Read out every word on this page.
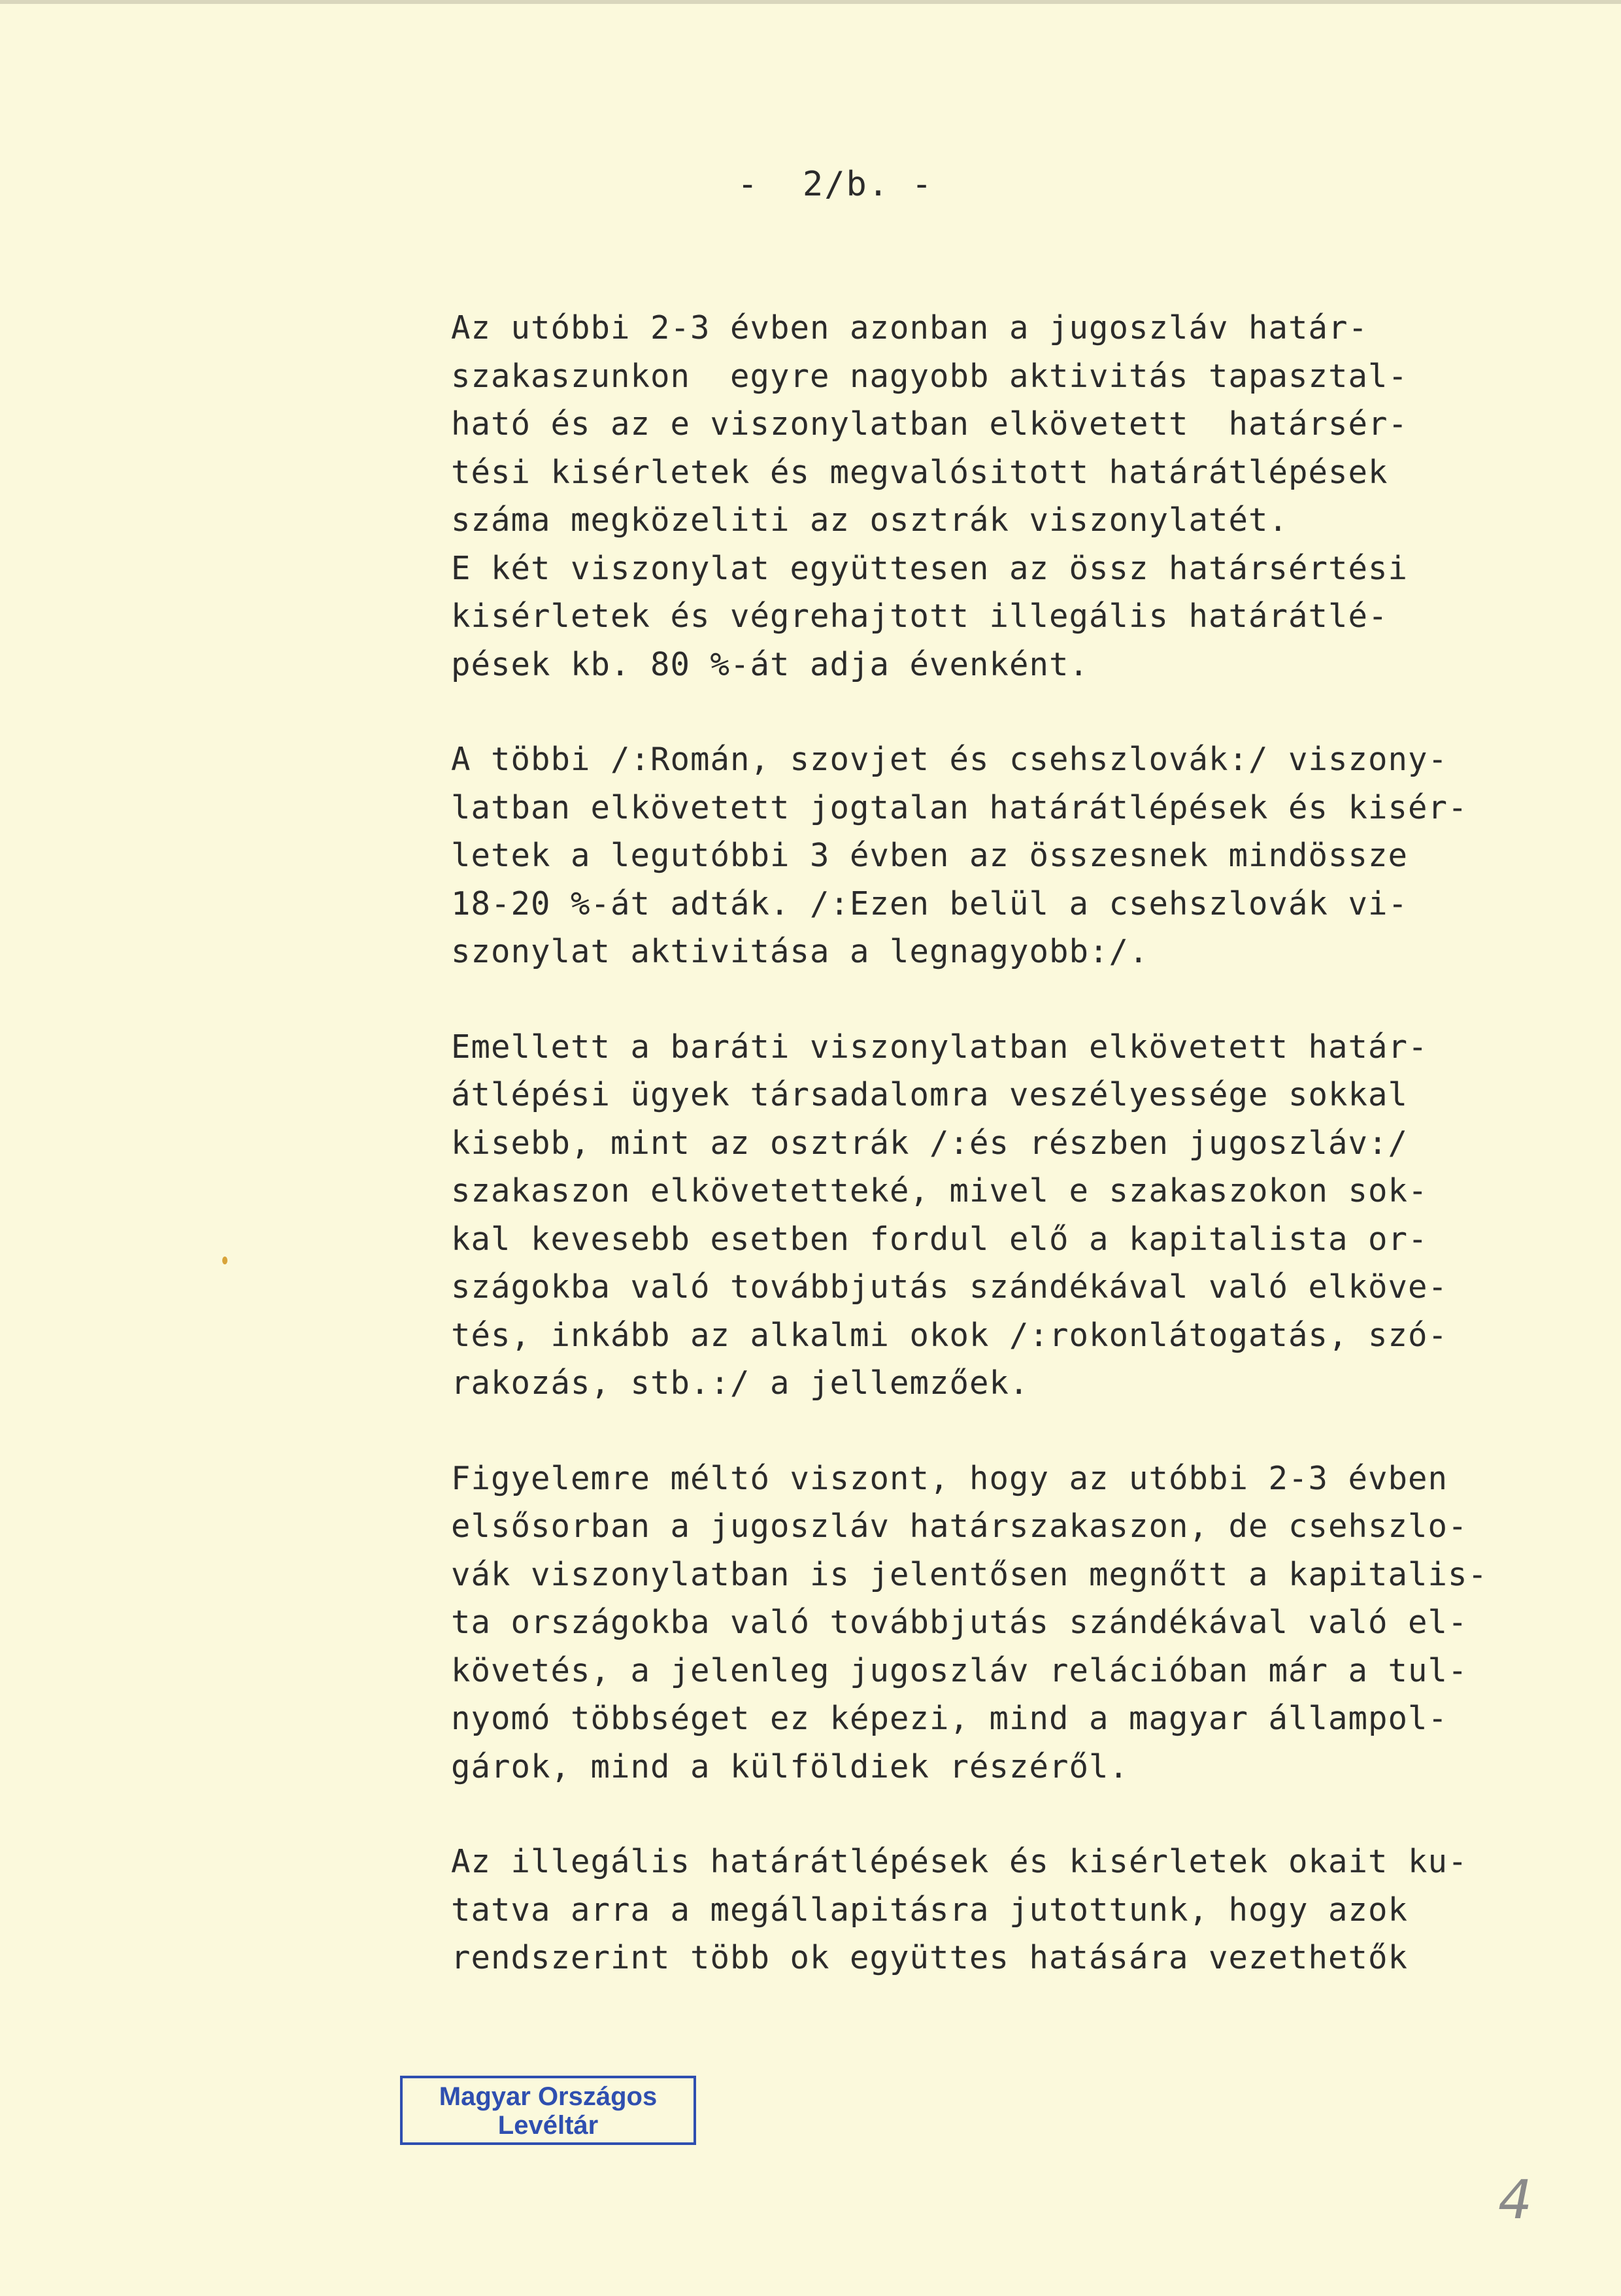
-  2/b. -
Az utóbbi 2-3 évben azonban a jugoszláv határ-
szakaszunkon  egyre nagyobb aktivitás tapasztal-
ható és az e viszonylatban elkövetett  határsér-
tési kisérletek és megvalósitott határátlépések
száma megközeliti az osztrák viszonylatét.
E két viszonylat együttesen az össz határsértési
kisérletek és végrehajtott illegális határátlé-
pések kb. 80 %-át adja évenként.
A többi /:Román, szovjet és csehszlovák:/ viszony-
latban elkövetett jogtalan határátlépések és kisér-
letek a legutóbbi 3 évben az összesnek mindössze
18-20 %-át adták. /:Ezen belül a csehszlovák vi-
szonylat aktivitása a legnagyobb:/.
Emellett a baráti viszonylatban elkövetett határ-
átlépési ügyek társadalomra veszélyessége sokkal
kisebb, mint az osztrák /:és részben jugoszláv:/
szakaszon elkövetetteké, mivel e szakaszokon sok-
kal kevesebb esetben fordul elő a kapitalista or-
szágokba való továbbjutás szándékával való elköve-
tés, inkább az alkalmi okok /:rokonlátogatás, szó-
rakozás, stb.:/ a jellemzőek.
Figyelemre méltó viszont, hogy az utóbbi 2-3 évben
elsősorban a jugoszláv határszakaszon, de csehszlo-
vák viszonylatban is jelentősen megnőtt a kapitalis-
ta országokba való továbbjutás szándékával való el-
követés, a jelenleg jugoszláv relációban már a tul-
nyomó többséget ez képezi, mind a magyar állampol-
gárok, mind a külföldiek részéről.
Az illegális határátlépések és kisérletek okait ku-
tatva arra a megállapitásra jutottunk, hogy azok
rendszerint több ok együttes hatására vezethetők
Magyar Országos
Levéltár
4
